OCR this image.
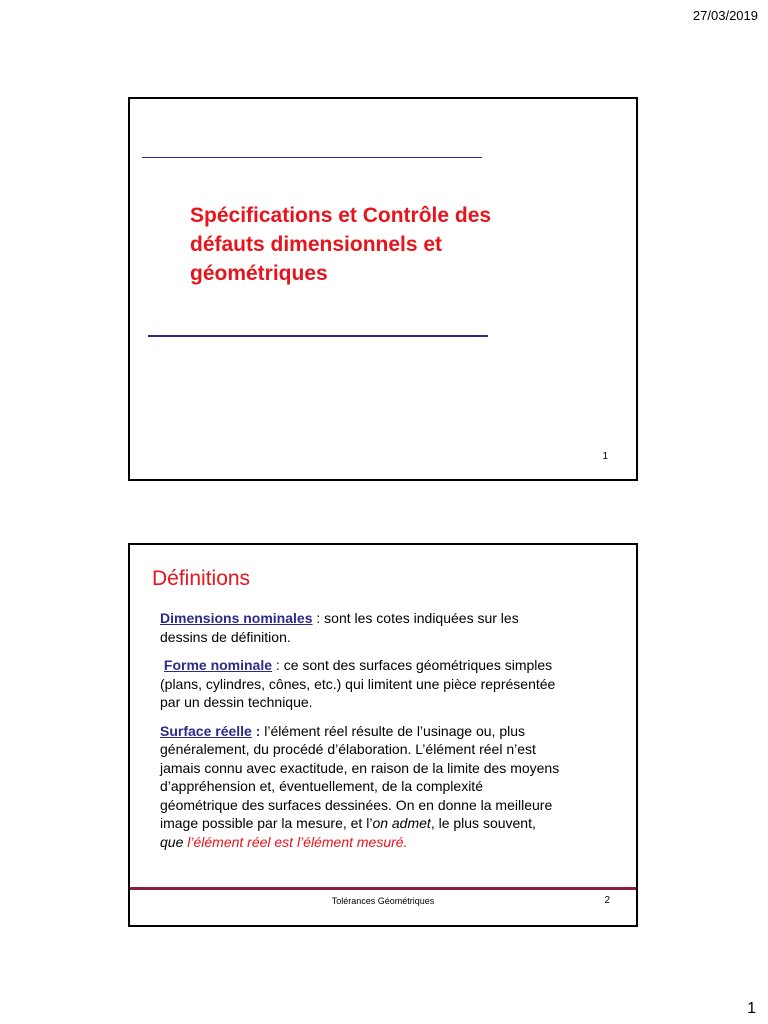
27/03/2019
Spécifications et Contrôle des
défauts dimensionnels et
géométriques
1
Définitions

Dimensions nominales : sont les cotes indiquées sur les
dessins de définition.

Forme nominale : ce sont des surfaces géométriques simples
(plans, cylindres, cônes, etc.) qui limitent une pièce représentée
par un dessin technique.

Surface réelle : l’élément réel résulte de l’usinage ou, plus
généralement, du procédé d’élaboration. L’élément réel n’est
jamais connu avec exactitude, en raison de la limite des moyens
d’appréhension et, éventuellement, de la complexité
géométrique des surfaces dessinées. On en donne la meilleure
image possible par la mesure, et l’on admet, le plus souvent,
que l’élément réel est l’élément mesuré.

Tolérances Géométriques	2
1
